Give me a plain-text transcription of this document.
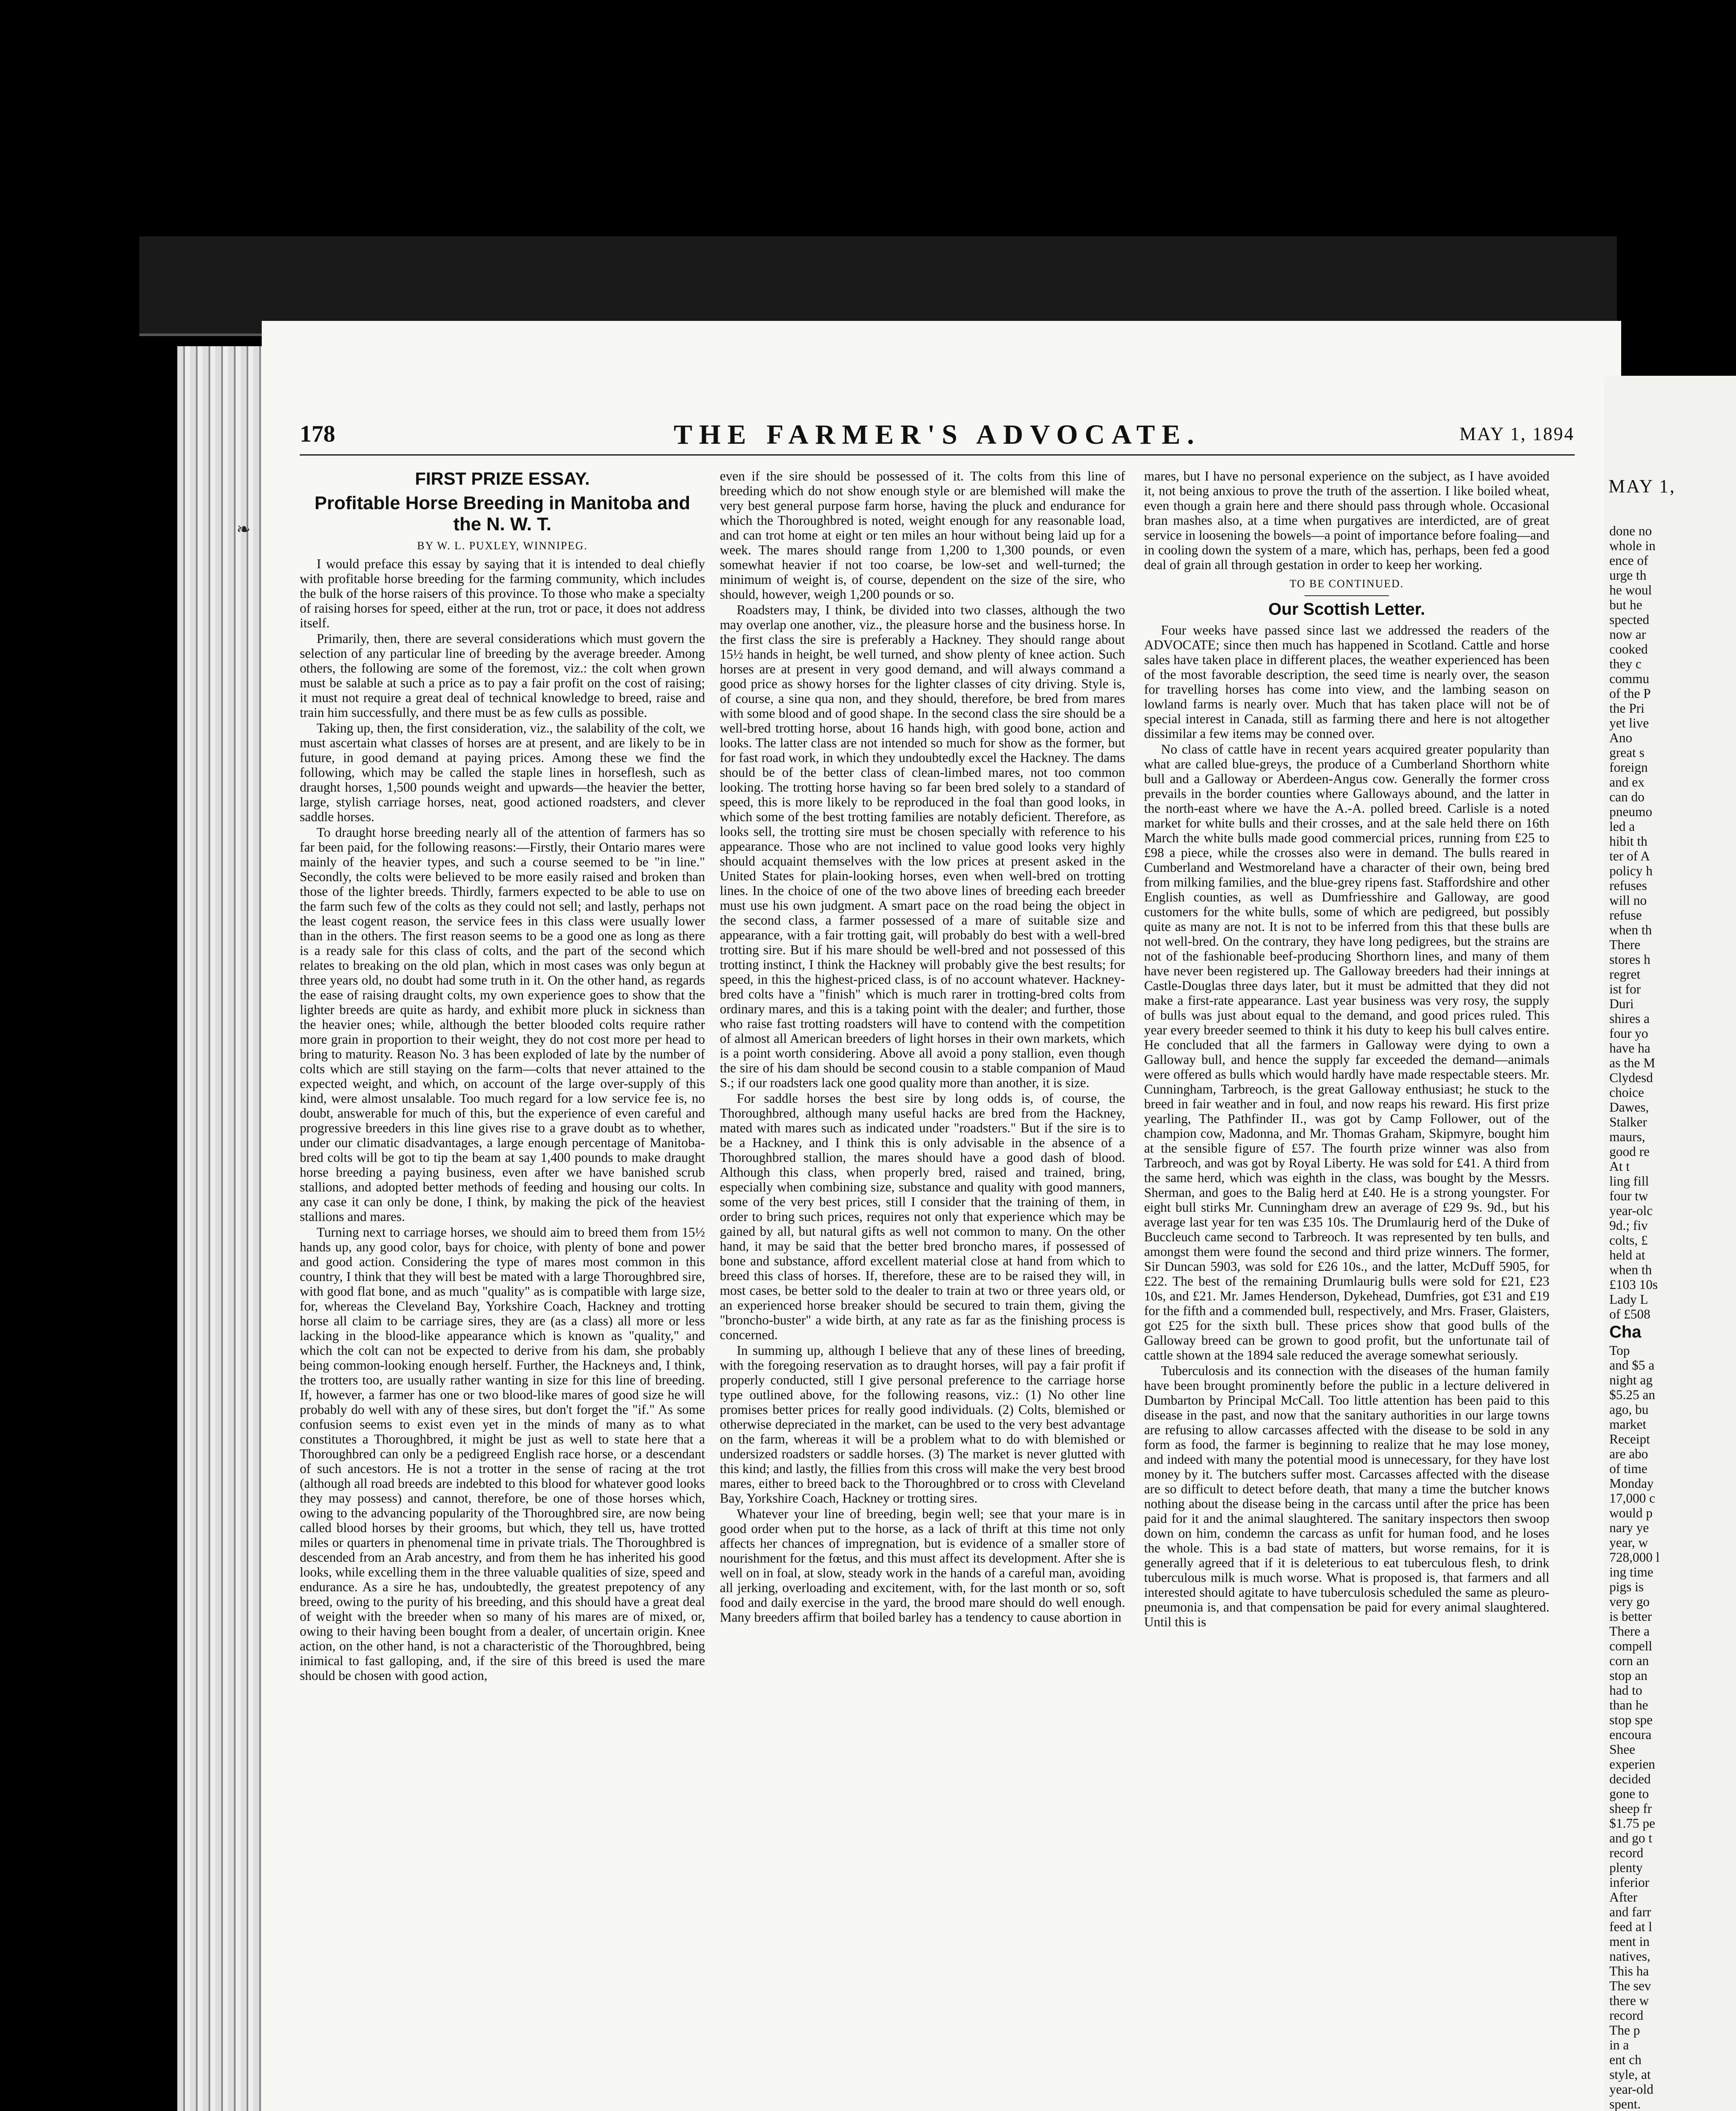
❧
178	THE FARMER'S ADVOCATE.	MAY 1, 1894
FIRST PRIZE ESSAY.
Profitable Horse Breeding in Manitoba and the N. W. T.
BY W. L. PUXLEY, WINNIPEG.

I would preface this essay by saying that it is intended to deal chiefly with profitable horse breeding for the farming community, which includes the bulk of the horse raisers of this province. To those who make a specialty of raising horses for speed, either at the run, trot or pace, it does not address itself.

Primarily, then, there are several considerations which must govern the selection of any particular line of breeding by the average breeder. Among others, the following are some of the foremost, viz.: the colt when grown must be salable at such a price as to pay a fair profit on the cost of raising; it must not require a great deal of technical knowledge to breed, raise and train him successfully, and there must be as few culls as possible.

Taking up, then, the first consideration, viz., the salability of the colt, we must ascertain what classes of horses are at present, and are likely to be in future, in good demand at paying prices. Among these we find the following, which may be called the staple lines in horseflesh, such as draught horses, 1,500 pounds weight and upwards—the heavier the better, large, stylish carriage horses, neat, good actioned roadsters, and clever saddle horses.

To draught horse breeding nearly all of the attention of farmers has so far been paid, for the following reasons:—Firstly, their Ontario mares were mainly of the heavier types, and such a course seemed to be "in line." Secondly, the colts were believed to be more easily raised and broken than those of the lighter breeds. Thirdly, farmers expected to be able to use on the farm such few of the colts as they could not sell; and lastly, perhaps not the least cogent reason, the service fees in this class were usually lower than in the others. The first reason seems to be a good one as long as there is a ready sale for this class of colts, and the part of the second which relates to breaking on the old plan, which in most cases was only begun at three years old, no doubt had some truth in it. On the other hand, as regards the ease of raising draught colts, my own experience goes to show that the lighter breeds are quite as hardy, and exhibit more pluck in sickness than the heavier ones; while, although the better blooded colts require rather more grain in proportion to their weight, they do not cost more per head to bring to maturity. Reason No. 3 has been exploded of late by the number of colts which are still staying on the farm—colts that never attained to the expected weight, and which, on account of the large over-supply of this kind, were almost unsalable. Too much regard for a low service fee is, no doubt, answerable for much of this, but the experience of even careful and progressive breeders in this line gives rise to a grave doubt as to whether, under our climatic disadvantages, a large enough percentage of Manitoba-bred colts will be got to tip the beam at say 1,400 pounds to make draught horse breeding a paying business, even after we have banished scrub stallions, and adopted better methods of feeding and housing our colts. In any case it can only be done, I think, by making the pick of the heaviest stallions and mares.

Turning next to carriage horses, we should aim to breed them from 15½ hands up, any good color, bays for choice, with plenty of bone and power and good action. Considering the type of mares most common in this country, I think that they will best be mated with a large Thoroughbred sire, with good flat bone, and as much "quality" as is compatible with large size, for, whereas the Cleveland Bay, Yorkshire Coach, Hackney and trotting horse all claim to be carriage sires, they are (as a class) all more or less lacking in the blood-like appearance which is known as "quality," and which the colt can not be expected to derive from his dam, she probably being common-looking enough herself. Further, the Hackneys and, I think, the trotters too, are usually rather wanting in size for this line of breeding. If, however, a farmer has one or two blood-like mares of good size he will probably do well with any of these sires, but don't forget the "if." As some confusion seems to exist even yet in the minds of many as to what constitutes a Thoroughbred, it might be just as well to state here that a Thoroughbred can only be a pedigreed English race horse, or a descendant of such ancestors. He is not a trotter in the sense of racing at the trot (although all road breeds are indebted to this blood for whatever good looks they may possess) and cannot, therefore, be one of those horses which, owing to the advancing popularity of the Thoroughbred sire, are now being called blood horses by their grooms, but which, they tell us, have trotted miles or quarters in phenomenal time in private trials. The Thoroughbred is descended from an Arab ancestry, and from them he has inherited his good looks, while excelling them in the three valuable qualities of size, speed and endurance. As a sire he has, undoubtedly, the greatest prepotency of any breed, owing to the purity of his breeding, and this should have a great deal of weight with the breeder when so many of his mares are of mixed, or, owing to their having been bought from a dealer, of uncertain origin. Knee action, on the other hand, is not a characteristic of the Thoroughbred, being inimical to fast galloping, and, if the sire of this breed is used the mare should be chosen with good action,

even if the sire should be possessed of it. The colts from this line of breeding which do not show enough style or are blemished will make the very best general purpose farm horse, having the pluck and endurance for which the Thoroughbred is noted, weight enough for any reasonable load, and can trot home at eight or ten miles an hour without being laid up for a week. The mares should range from 1,200 to 1,300 pounds, or even somewhat heavier if not too coarse, be low-set and well-turned; the minimum of weight is, of course, dependent on the size of the sire, who should, however, weigh 1,200 pounds or so.

Roadsters may, I think, be divided into two classes, although the two may overlap one another, viz., the pleasure horse and the business horse. In the first class the sire is preferably a Hackney. They should range about 15½ hands in height, be well turned, and show plenty of knee action. Such horses are at present in very good demand, and will always command a good price as showy horses for the lighter classes of city driving. Style is, of course, a sine qua non, and they should, therefore, be bred from mares with some blood and of good shape. In the second class the sire should be a well-bred trotting horse, about 16 hands high, with good bone, action and looks. The latter class are not intended so much for show as the former, but for fast road work, in which they undoubtedly excel the Hackney. The dams should be of the better class of clean-limbed mares, not too common looking. The trotting horse having so far been bred solely to a standard of speed, this is more likely to be reproduced in the foal than good looks, in which some of the best trotting families are notably deficient. Therefore, as looks sell, the trotting sire must be chosen specially with reference to his appearance. Those who are not inclined to value good looks very highly should acquaint themselves with the low prices at present asked in the United States for plain-looking horses, even when well-bred on trotting lines. In the choice of one of the two above lines of breeding each breeder must use his own judgment. A smart pace on the road being the object in the second class, a farmer possessed of a mare of suitable size and appearance, with a fair trotting gait, will probably do best with a well-bred trotting sire. But if his mare should be well-bred and not possessed of this trotting instinct, I think the Hackney will probably give the best results; for speed, in this the highest-priced class, is of no account whatever. Hackney-bred colts have a "finish" which is much rarer in trotting-bred colts from ordinary mares, and this is a taking point with the dealer; and further, those who raise fast trotting roadsters will have to contend with the competition of almost all American breeders of light horses in their own markets, which is a point worth considering. Above all avoid a pony stallion, even though the sire of his dam should be second cousin to a stable companion of Maud S.; if our roadsters lack one good quality more than another, it is size.

For saddle horses the best sire by long odds is, of course, the Thoroughbred, although many useful hacks are bred from the Hackney, mated with mares such as indicated under "roadsters." But if the sire is to be a Hackney, and I think this is only advisable in the absence of a Thoroughbred stallion, the mares should have a good dash of blood. Although this class, when properly bred, raised and trained, bring, especially when combining size, substance and quality with good manners, some of the very best prices, still I consider that the training of them, in order to bring such prices, requires not only that experience which may be gained by all, but natural gifts as well not common to many. On the other hand, it may be said that the better bred broncho mares, if possessed of bone and substance, afford excellent material close at hand from which to breed this class of horses. If, therefore, these are to be raised they will, in most cases, be better sold to the dealer to train at two or three years old, or an experienced horse breaker should be secured to train them, giving the "broncho-buster" a wide birth, at any rate as far as the finishing process is concerned.

In summing up, although I believe that any of these lines of breeding, with the foregoing reservation as to draught horses, will pay a fair profit if properly conducted, still I give personal preference to the carriage horse type outlined above, for the following reasons, viz.: (1) No other line promises better prices for really good individuals. (2) Colts, blemished or otherwise depreciated in the market, can be used to the very best advantage on the farm, whereas it will be a problem what to do with blemished or undersized roadsters or saddle horses. (3) The market is never glutted with this kind; and lastly, the fillies from this cross will make the very best brood mares, either to breed back to the Thoroughbred or to cross with Cleveland Bay, Yorkshire Coach, Hackney or trotting sires.

Whatever your line of breeding, begin well; see that your mare is in good order when put to the horse, as a lack of thrift at this time not only affects her chances of impregnation, but is evidence of a smaller store of nourishment for the fœtus, and this must affect its development. After she is well on in foal, at slow, steady work in the hands of a careful man, avoiding all jerking, overloading and excitement, with, for the last month or so, soft food and daily exercise in the yard, the brood mare should do well enough. Many breeders affirm that boiled barley has a tendency to cause abortion in

mares, but I have no personal experience on the subject, as I have avoided it, not being anxious to prove the truth of the assertion. I like boiled wheat, even though a grain here and there should pass through whole. Occasional bran mashes also, at a time when purgatives are interdicted, are of great service in loosening the bowels—a point of importance before foaling—and in cooling down the system of a mare, which has, perhaps, been fed a good deal of grain all through gestation in order to keep her working.

TO BE CONTINUED.
Our Scottish Letter.

Four weeks have passed since last we addressed the readers of the ADVOCATE; since then much has happened in Scotland. Cattle and horse sales have taken place in different places, the weather experienced has been of the most favorable description, the seed time is nearly over, the season for travelling horses has come into view, and the lambing season on lowland farms is nearly over. Much that has taken place will not be of special interest in Canada, still as farming there and here is not altogether dissimilar a few items may be conned over.

No class of cattle have in recent years acquired greater popularity than what are called blue-greys, the produce of a Cumberland Shorthorn white bull and a Galloway or Aberdeen-Angus cow. Generally the former cross prevails in the border counties where Galloways abound, and the latter in the north-east where we have the A.-A. polled breed. Carlisle is a noted market for white bulls and their crosses, and at the sale held there on 16th March the white bulls made good commercial prices, running from £25 to £98 a piece, while the crosses also were in demand. The bulls reared in Cumberland and Westmoreland have a character of their own, being bred from milking families, and the blue-grey ripens fast. Staffordshire and other English counties, as well as Dumfriesshire and Galloway, are good customers for the white bulls, some of which are pedigreed, but possibly quite as many are not. It is not to be inferred from this that these bulls are not well-bred. On the contrary, they have long pedigrees, but the strains are not of the fashionable beef-producing Shorthorn lines, and many of them have never been registered up. The Galloway breeders had their innings at Castle-Douglas three days later, but it must be admitted that they did not make a first-rate appearance. Last year business was very rosy, the supply of bulls was just about equal to the demand, and good prices ruled. This year every breeder seemed to think it his duty to keep his bull calves entire. He concluded that all the farmers in Galloway were dying to own a Galloway bull, and hence the supply far exceeded the demand—animals were offered as bulls which would hardly have made respectable steers. Mr. Cunningham, Tarbreoch, is the great Galloway enthusiast; he stuck to the breed in fair weather and in foul, and now reaps his reward. His first prize yearling, The Pathfinder II., was got by Camp Follower, out of the champion cow, Madonna, and Mr. Thomas Graham, Skipmyre, bought him at the sensible figure of £57. The fourth prize winner was also from Tarbreoch, and was got by Royal Liberty. He was sold for £41. A third from the same herd, which was eighth in the class, was bought by the Messrs. Sherman, and goes to the Balig herd at £40. He is a strong youngster. For eight bull stirks Mr. Cunningham drew an average of £29 9s. 9d., but his average last year for ten was £35 10s. The Drumlaurig herd of the Duke of Buccleuch came second to Tarbreoch. It was represented by ten bulls, and amongst them were found the second and third prize winners. The former, Sir Duncan 5903, was sold for £26 10s., and the latter, McDuff 5905, for £22. The best of the remaining Drumlaurig bulls were sold for £21, £23 10s, and £21. Mr. James Henderson, Dykehead, Dumfries, got £31 and £19 for the fifth and a commended bull, respectively, and Mrs. Fraser, Glaisters, got £25 for the sixth bull. These prices show that good bulls of the Galloway breed can be grown to good profit, but the unfortunate tail of cattle shown at the 1894 sale reduced the average somewhat seriously.

Tuberculosis and its connection with the diseases of the human family have been brought prominently before the public in a lecture delivered in Dumbarton by Principal McCall. Too little attention has been paid to this disease in the past, and now that the sanitary authorities in our large towns are refusing to allow carcasses affected with the disease to be sold in any form as food, the farmer is beginning to realize that he may lose money, and indeed with many the potential mood is unnecessary, for they have lost money by it. The butchers suffer most. Carcasses affected with the disease are so difficult to detect before death, that many a time the butcher knows nothing about the disease being in the carcass until after the price has been paid for it and the animal slaughtered. The sanitary inspectors then swoop down on him, condemn the carcass as unfit for human food, and he loses the whole. This is a bad state of matters, but worse remains, for it is generally agreed that if it is deleterious to eat tuberculous flesh, to drink tuberculous milk is much worse. What is proposed is, that farmers and all interested should agitate to have tuberculosis scheduled the same as pleuro-pneumonia is, and that compensation be paid for every animal slaughtered. Until this is

MAY 1,
done no
whole in
ence of
urge th
he woul
but he
spected
now ar
cooked
they c
commu
of the P
the Pri
yet live
Ano
great s
foreign
and ex
can do
pneumo
led a
hibit th
ter of A
policy h
refuses
will no
refuse
when th
There
stores h
regret
ist for
Duri
shires a
four yo
have ha
as the M
Clydesd
choice
Dawes,
Stalker
maurs,
good re
At t
ling fill
four tw
year-olc
9d.; fiv
colts, £
held at
when th
£103 10s
Lady L
of £508
Cha
Top
and $5 a
night ag
$5.25 an
ago, bu
market
Receipt
are abo
of time
Monday
17,000 c
would p
nary ye
year, w
728,000 l
ing time
pigs is
very go
is better
There a
compell
corn an
stop an
had to
than he
stop spe
encoura
Shee
experien
decided
gone to
sheep fr
$1.75 pe
and go t
record
plenty
inferior
After
and farr
feed at l
ment in
natives,
This ha
The sev
there w
record
The p
in a
ent ch
style, at
year-old
spent.
